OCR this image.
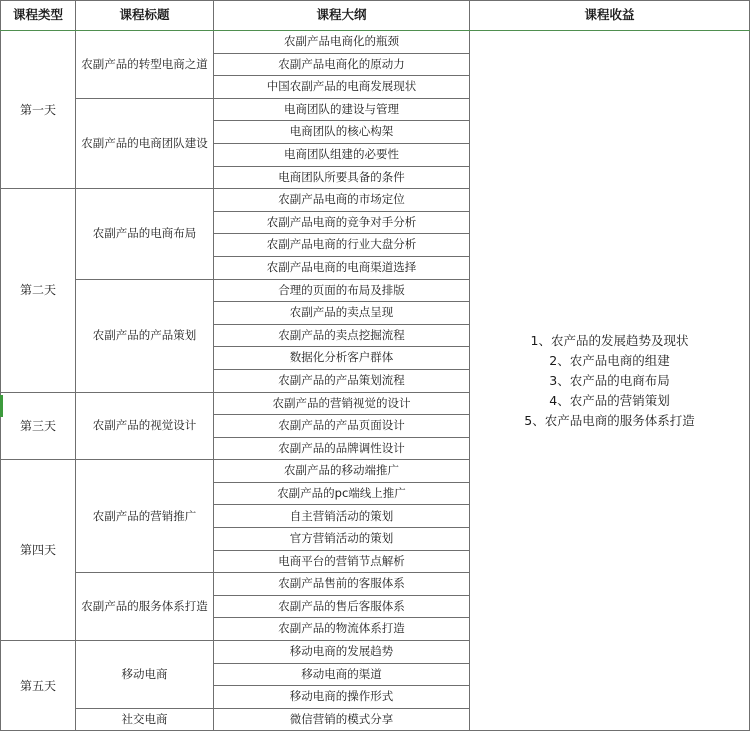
课程类型	课程标题	课程大纲	课程收益
第一天	农副产品的转型电商之道	农副产品电商化的瓶颈	1、农产品的发展趋势及现状
2、农产品电商的组建
3、农产品的电商布局
4、农产品的营销策划
5、农产品电商的服务体系打造

		农副产品电商化的原动力	
		中国农副产品的电商发展现状	
	农副产品的电商团队建设	电商团队的建设与管理	
		电商团队的核心构架	
		电商团队组建的必要性	
		电商团队所要具备的条件	
第二天	农副产品的电商布局	农副产品电商的市场定位	
		农副产品电商的竞争对手分析	
		农副产品电商的行业大盘分析	
		农副产品电商的电商渠道选择	
	农副产品的产品策划	合理的页面的布局及排版	
		农副产品的卖点呈现	
		农副产品的卖点挖掘流程	
		数据化分析客户群体	
		农副产品的产品策划流程	
第三天	农副产品的视觉设计	农副产品的营销视觉的设计	
		农副产品的产品页面设计	
		农副产品的品牌调性设计	
第四天	农副产品的营销推广	农副产品的移动端推广	
		农副产品的pc端线上推广	
		自主营销活动的策划	
		官方营销活动的策划	
		电商平台的营销节点解析	
	农副产品的服务体系打造	农副产品售前的客服体系	
		农副产品的售后客服体系	
		农副产品的物流体系打造	
第五天	移动电商	移动电商的发展趋势	
		移动电商的渠道	
		移动电商的操作形式	
	社交电商	微信营销的模式分享	
